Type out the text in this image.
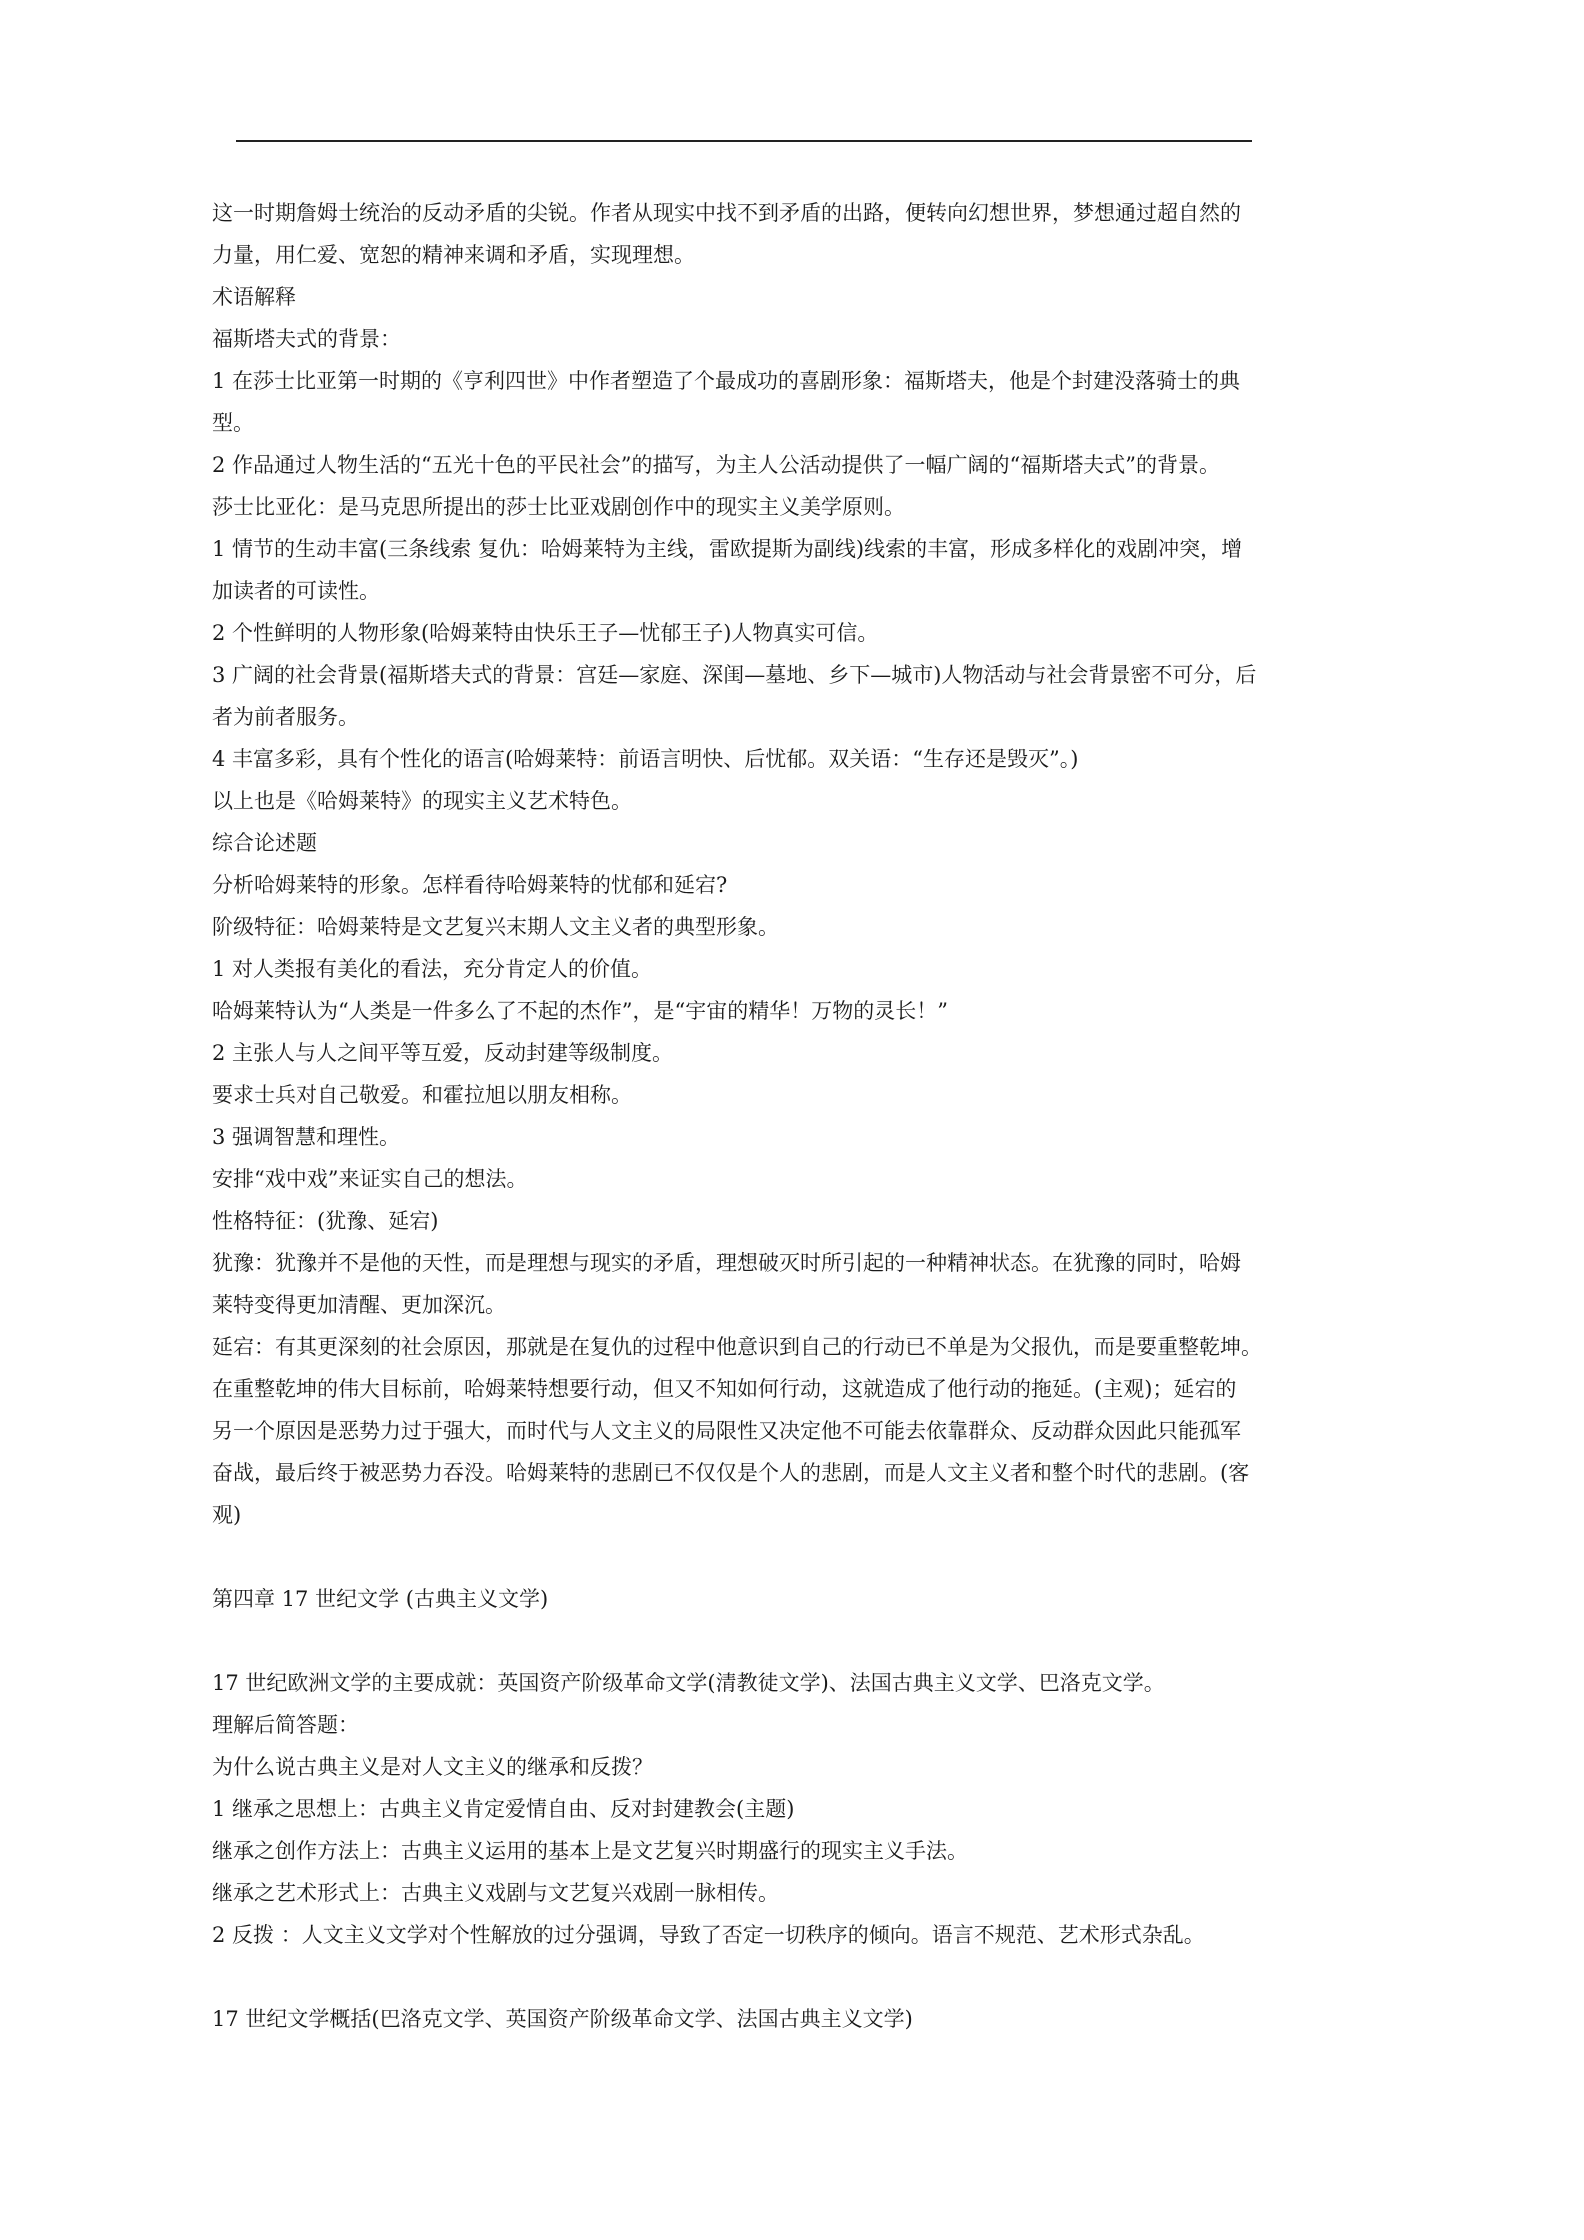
这一时期詹姆士统治的反动矛盾的尖锐。作者从现实中找不到矛盾的出路，便转向幻想世界，梦想通过超自然的
力量，用仁爱、宽恕的精神来调和矛盾，实现理想。
术语解释
福斯塔夫式的背景：
1 在莎士比亚第一时期的《亨利四世》中作者塑造了个最成功的喜剧形象：福斯塔夫，他是个封建没落骑士的典
型。
2 作品通过人物生活的“五光十色的平民社会”的描写，为主人公活动提供了一幅广阔的“福斯塔夫式”的背景。
莎士比亚化：是马克思所提出的莎士比亚戏剧创作中的现实主义美学原则。
1 情节的生动丰富(三条线索 复仇：哈姆莱特为主线，雷欧提斯为副线)线索的丰富，形成多样化的戏剧冲突，增
加读者的可读性。
2 个性鲜明的人物形象(哈姆莱特由快乐王子—忧郁王子)人物真实可信。
3 广阔的社会背景(福斯塔夫式的背景：宫廷—家庭、深闺—墓地、乡下—城市)人物活动与社会背景密不可分，后
者为前者服务。
4 丰富多彩，具有个性化的语言(哈姆莱特：前语言明快、后忧郁。双关语：“生存还是毁灭”。)
以上也是《哈姆莱特》的现实主义艺术特色。
综合论述题
分析哈姆莱特的形象。怎样看待哈姆莱特的忧郁和延宕?
阶级特征：哈姆莱特是文艺复兴末期人文主义者的典型形象。
1 对人类报有美化的看法，充分肯定人的价值。
哈姆莱特认为“人类是一件多么了不起的杰作”，是“宇宙的精华！万物的灵长！”
2 主张人与人之间平等互爱，反动封建等级制度。
要求士兵对自己敬爱。和霍拉旭以朋友相称。
3 强调智慧和理性。
安排“戏中戏”来证实自己的想法。
性格特征：(犹豫、延宕)
犹豫：犹豫并不是他的天性，而是理想与现实的矛盾，理想破灭时所引起的一种精神状态。在犹豫的同时，哈姆
莱特变得更加清醒、更加深沉。
延宕：有其更深刻的社会原因，那就是在复仇的过程中他意识到自己的行动已不单是为父报仇，而是要重整乾坤。
在重整乾坤的伟大目标前，哈姆莱特想要行动，但又不知如何行动，这就造成了他行动的拖延。(主观)；延宕的
另一个原因是恶势力过于强大，而时代与人文主义的局限性又决定他不可能去依靠群众、反动群众因此只能孤军
奋战，最后终于被恶势力吞没。哈姆莱特的悲剧已不仅仅是个人的悲剧，而是人文主义者和整个时代的悲剧。(客
观)
第四章 17 世纪文学 (古典主义文学)
17 世纪欧洲文学的主要成就：英国资产阶级革命文学(清教徒文学)、法国古典主义文学、巴洛克文学。
理解后简答题：
为什么说古典主义是对人文主义的继承和反拨？
1 继承之思想上：古典主义肯定爱情自由、反对封建教会(主题)
继承之创作方法上：古典主义运用的基本上是文艺复兴时期盛行的现实主义手法。
继承之艺术形式上：古典主义戏剧与文艺复兴戏剧一脉相传。
2 反拨 ：人文主义文学对个性解放的过分强调，导致了否定一切秩序的倾向。语言不规范、艺术形式杂乱。
17 世纪文学概括(巴洛克文学、英国资产阶级革命文学、法国古典主义文学)
